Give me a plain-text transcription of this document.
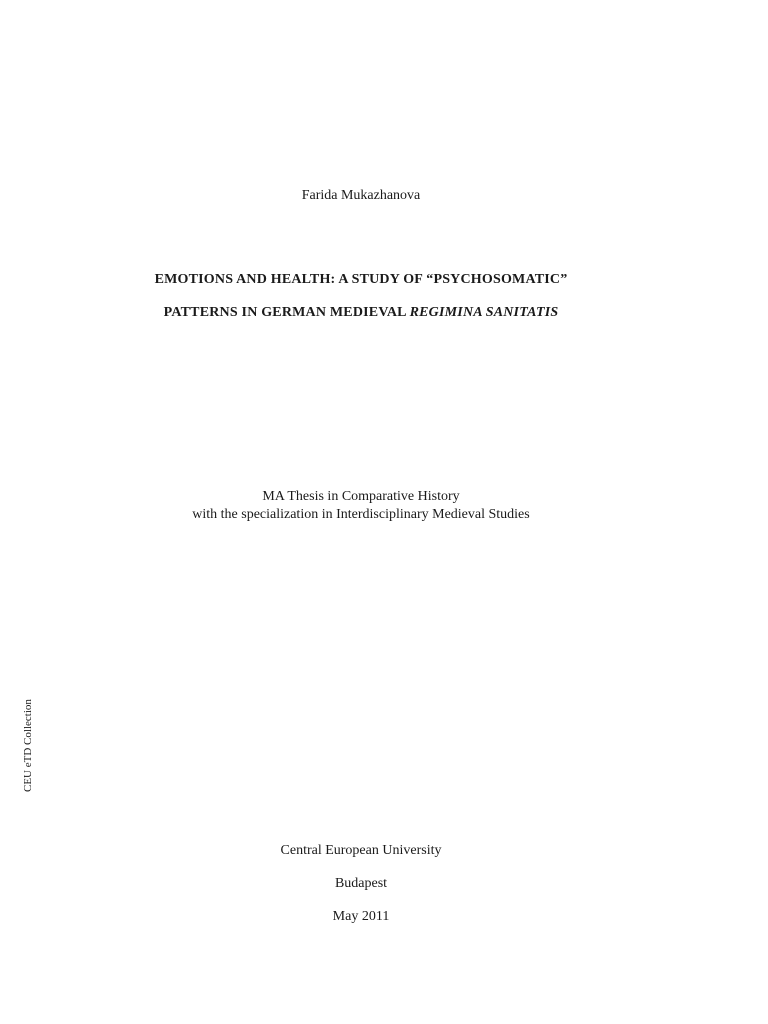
Farida Mukazhanova
EMOTIONS AND HEALTH: A STUDY OF “PSYCHOSOMATIC”
PATTERNS IN GERMAN MEDIEVAL REGIMINA SANITATIS
MA Thesis in Comparative History
with the specialization in Interdisciplinary Medieval Studies
CEU eTD Collection
Central European University
Budapest
May 2011
